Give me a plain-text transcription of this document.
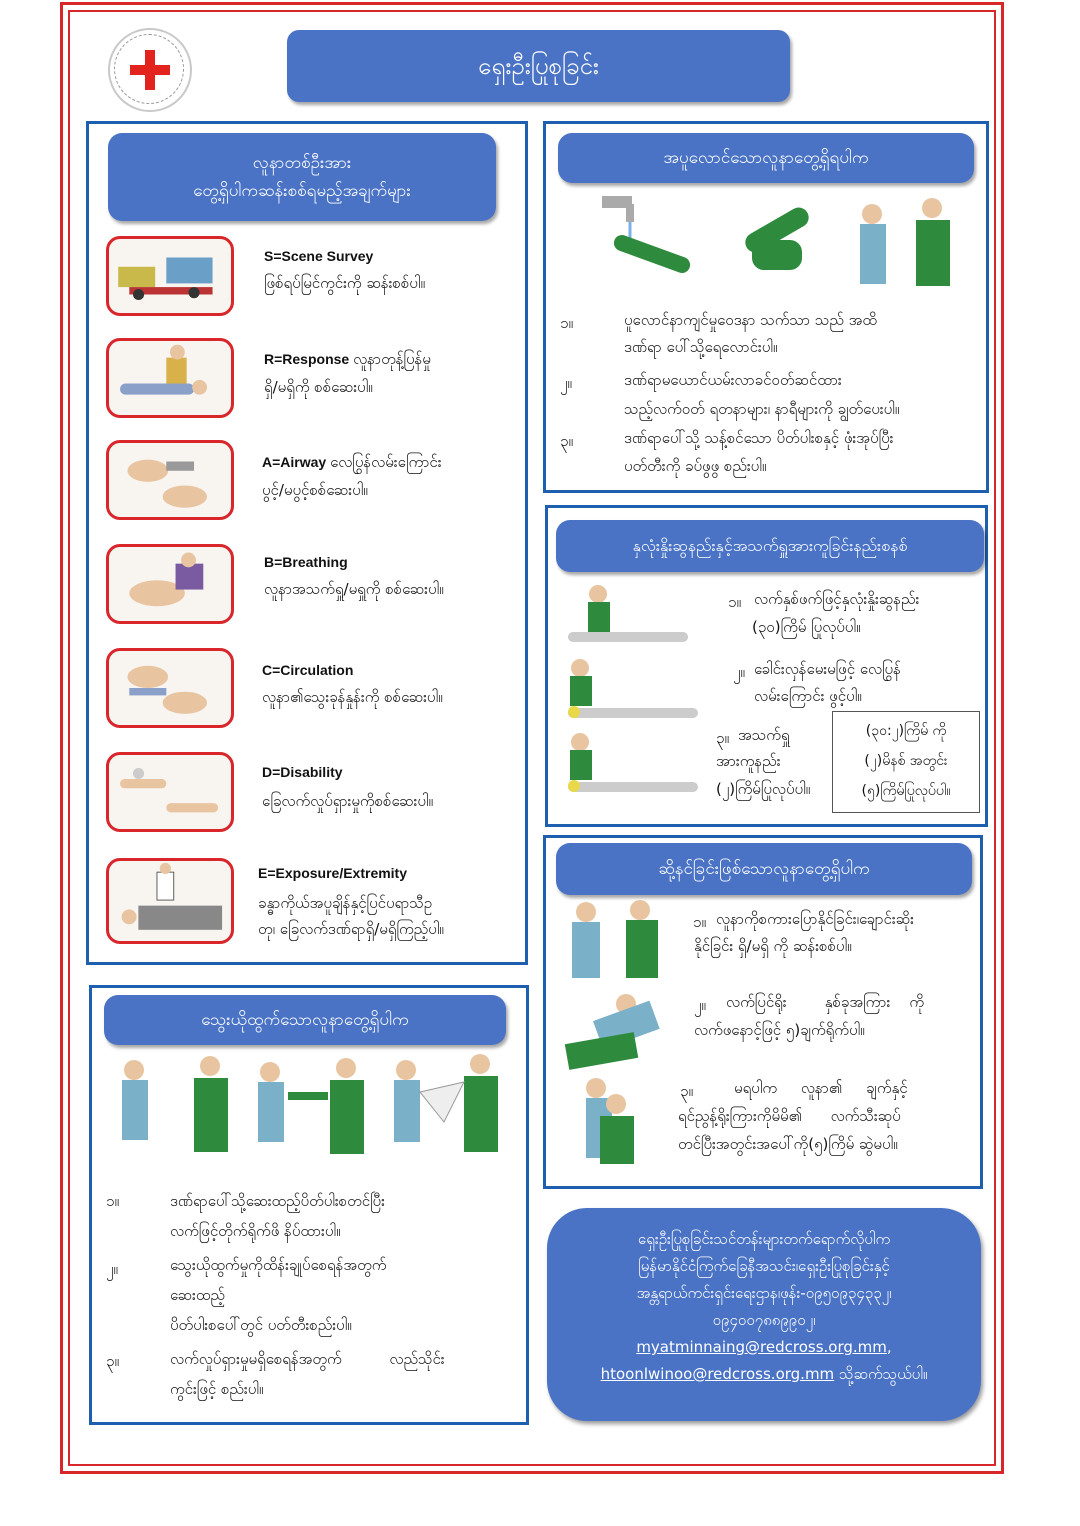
ရှေးဦးပြုစုခြင်း
လူနာတစ်ဦးအား
တွေ့ရှိပါကဆန်းစစ်ရမည့်အချက်များ
S=Scene Survey
ဖြစ်ရပ်မြင်ကွင်းကို ဆန်းစစ်ပါ။
R=Response လူနာတုန့်ပြန်မှု
ရှိ/မရှိကို စစ်ဆေးပါ။
A=Airway လေပြွန်လမ်းကြောင်း
ပွင့်/မပွင့်စစ်ဆေးပါ။
B=Breathing
လူနာအသက်ရှူ/မရှူကို စစ်ဆေးပါ။
C=Circulation
လူနာ၏သွေးခုန်နှုန်းကို စစ်ဆေးပါ။
D=Disability
ခြေလက်လှုပ်ရှားမှုကိုစစ်ဆေးပါ။
E=Exposure/Extremity
ခန္ဓာကိုယ်အပူချိန်နှင့်ပြင်ပရာသီဥ
တု၊ ခြေလက်ဒဏ်ရာရှိ/မရှိကြည့်ပါ။
သွေးယိုထွက်သောလူနာတွေ့ရှိပါက
၁။	ဒဏ်ရာပေါ်သို့ဆေးထည့်ပိတ်ပါးစတင်ပြီး
လက်ဖြင့်တိုက်ရိုက်ဖိ နိပ်ထားပါ။
၂။	သွေးယိုထွက်မှုကိုထိန်းချုပ်စေရန်အတွက်
ဆေးထည့်
ပိတ်ပါးစပေါ်တွင် ပတ်တီးစည်းပါ။
၃။	လက်လှုပ်ရှားမှုမရှိစေရန်အတွက်          လည်သိုင်း
ကွင်းဖြင့် စည်းပါ။
အပူလောင်သောလူနာတွေ့ရှိရပါက
၁။	ပူလောင်နာကျင်မှုဝေဒနာ သက်သာ သည် အထိ
ဒဏ်ရာ ပေါ်သို့ရေလောင်းပါ။
၂။	ဒဏ်ရာမယောင်ယမ်းလာခင်ဝတ်ဆင်ထား
သည့်လက်ဝတ် ရတနာများ၊ နာရီများကို ချွတ်ပေးပါ။
၃။	ဒဏ်ရာပေါ်သို့ သန့်စင်သော ပိတ်ပါးစနှင့် ဖုံးအုပ်ပြီး
ပတ်တီးကို ခပ်ဖွဖွ စည်းပါ။
နှလုံးနှိုးဆွနည်းနှင့်အသက်ရှူအားကူခြင်းနည်းစနစ်
၁။ လက်နှစ်ဖက်ဖြင့်နှလုံးနှိုးဆွနည်း
(၃၀)ကြိမ် ပြုလုပ်ပါ။
၂။ ခေါင်းလှန်မေးမဖြင့် လေပြွန်
လမ်းကြောင်း ဖွင့်ပါ။
၃။ အသက်ရှူ
အားကူနည်း
(၂)ကြိမ်ပြုလုပ်ပါ။
(၃၀:၂)ကြိမ် ကို
(၂)မိနစ် အတွင်း
(၅)ကြိမ်ပြုလုပ်ပါ။
ဆို့နင်ခြင်းဖြစ်သောလူနာတွေ့ရှိပါက
၁။ လူနာကိုစကားပြောနိုင်ခြင်း၊ချောင်းဆိုး
နိုင်ခြင်း ရှိ/မရှိ ကို ဆန်းစစ်ပါ။
၂။ လက်ပြင်ရိုး        နှစ်ခုအကြား    ကို
လက်ဖနောင့်ဖြင့် ၅)ချက်ရိုက်ပါ။
၃။	မရပါက     လူနာ၏     ချက်နှင့်
ရင်ညွန့်ရိုးကြားကိုမိမိ၏      လက်သီးဆုပ်
တင်ပြီးအတွင်းအပေါ်ကို(၅)ကြိမ် ဆွဲမပါ။
ရှေးဦးပြုစုခြင်းသင်တန်းများတက်ရောက်လိုပါက
မြန်မာနိုင်ငံကြက်ခြေနီအသင်း၊ရှေးဦးပြုစုခြင်းနှင့်
အန္တရာယ်ကင်းရှင်းရေးဌာန၊ဖုန်း-၀၉၅၀၉၃၄၃၃၂၊
၀၉၄၀၀၇၈၈၉၉၀၂၊
myatminnaing@redcross.org.mm,
htoonlwinoo@redcross.org.mm သို့ဆက်သွယ်ပါ။
